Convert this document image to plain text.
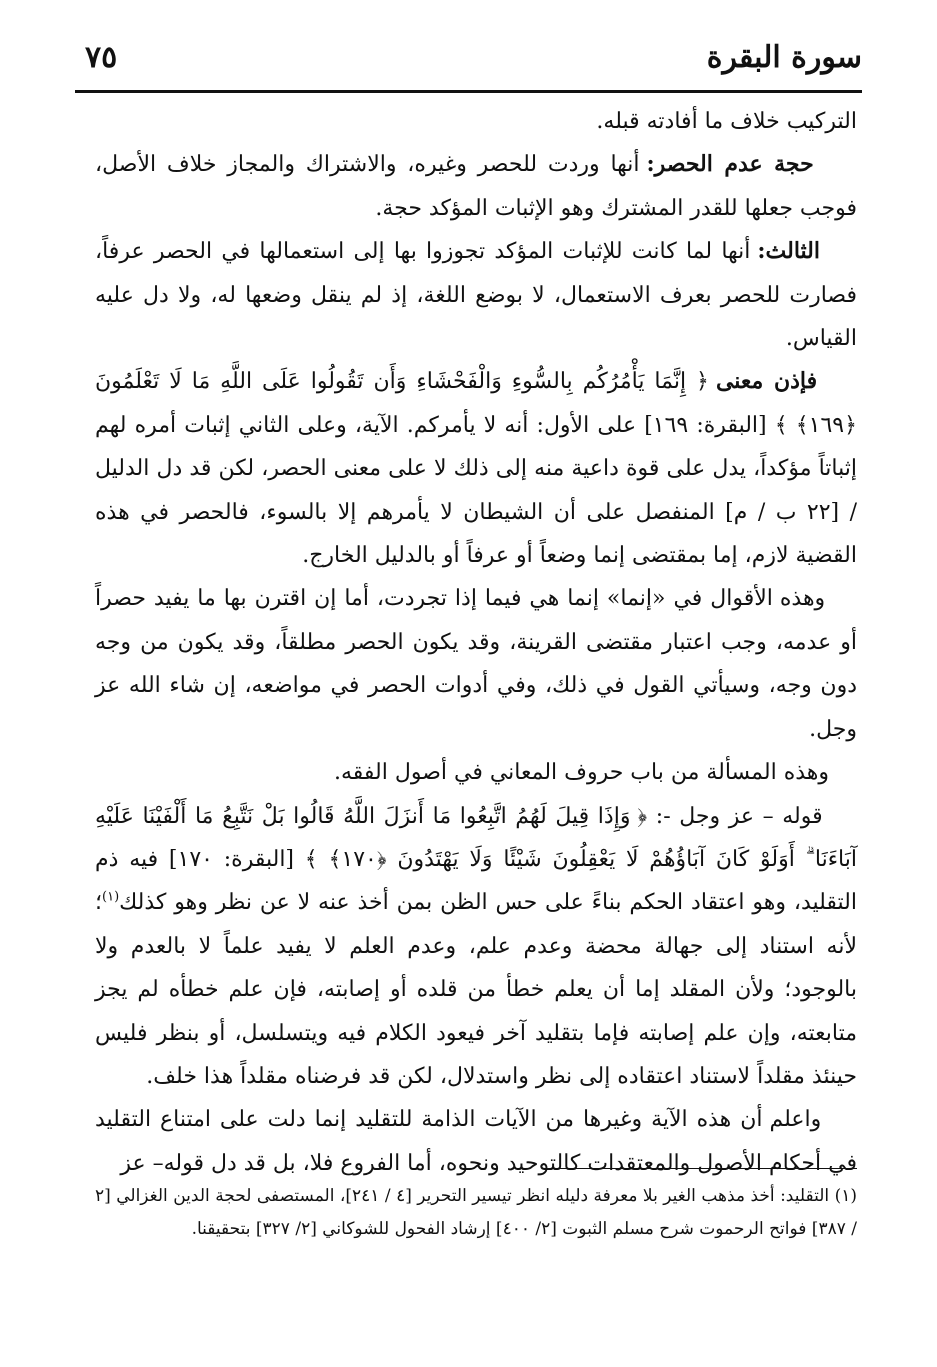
سورة البقرة
٧٥

التركيب خلاف ما أفادته قبله.

حجة عدم الحصر: أنها وردت للحصر وغيره، والاشتراك والمجاز خلاف الأصل، فوجب جعلها للقدر المشترك وهو الإثبات المؤكد حجة.

الثالث: أنها لما كانت للإثبات المؤكد تجوزوا بها إلى استعمالها في الحصر عرفاً، فصارت للحصر بعرف الاستعمال، لا بوضع اللغة، إذ لم ينقل وضعها له، ولا دل عليه القياس.

فإذن معنى ﴿ إِنَّمَا يَأْمُرُكُم بِالسُّوءِ وَالْفَحْشَاءِ وَأَن تَقُولُوا عَلَى اللَّهِ مَا لَا تَعْلَمُونَ ﴿١٦٩﴾ ﴾ [البقرة: ١٦٩] على الأول: أنه لا يأمركم. الآية، وعلى الثاني إثبات أمره لهم إثباتاً مؤكداً، يدل على قوة داعية منه إلى ذلك لا على معنى الحصر، لكن قد دل الدليل / [٢٢ ب / م] المنفصل على أن الشيطان لا يأمرهم إلا بالسوء، فالحصر في هذه القضية لازم، إما بمقتضى إنما وضعاً أو عرفاً أو بالدليل الخارج.

وهذه الأقوال في «إنما» إنما هي فيما إذا تجردت، أما إن اقترن بها ما يفيد حصراً أو عدمه، وجب اعتبار مقتضى القرينة، وقد يكون الحصر مطلقاً، وقد يكون من وجه دون وجه، وسيأتي القول في ذلك، وفي أدوات الحصر في مواضعه، إن شاء الله عز وجل.

وهذه المسألة من باب حروف المعاني في أصول الفقه.

قوله – عز وجل -: ﴿ وَإِذَا قِيلَ لَهُمُ اتَّبِعُوا مَا أَنزَلَ اللَّهُ قَالُوا بَلْ نَتَّبِعُ مَا أَلْفَيْنَا عَلَيْهِ آبَاءَنَا ۗ أَوَلَوْ كَانَ آبَاؤُهُمْ لَا يَعْقِلُونَ شَيْئًا وَلَا يَهْتَدُونَ ﴿١٧٠﴾ ﴾ [البقرة: ١٧٠] فيه ذم التقليد، وهو اعتقاد الحكم بناءً على حس الظن بمن أخذ عنه لا عن نظر وهو كذلك$^{(١)}$؛ لأنه استناد إلى جهالة محضة وعدم علم، وعدم العلم لا يفيد علماً لا بالعدم ولا بالوجود؛ ولأن المقلد إما أن يعلم خطأ من قلده أو إصابته، فإن علم خطأه لم يجز متابعته، وإن علم إصابته فإما بتقليد آخر فيعود الكلام فيه ويتسلسل، أو بنظر فليس حينئذ مقلداً لاستناد اعتقاده إلى نظر واستدلال، لكن قد فرضناه مقلداً هذا خلف.

واعلم أن هذه الآية وغيرها من الآيات الذامة للتقليد إنما دلت على امتناع التقليد في أحكام الأصول والمعتقدات كالتوحيد ونحوه، أما الفروع فلا، بل قد دل قوله– عز

(١) التقليد: أخذ مذهب الغير بلا معرفة دليله انظر تيسير التحرير [٤ / ٢٤١]، المستصفى لحجة الدين الغزالي [٢ / ٣٨٧] فواتح الرحموت شرح مسلم الثبوت [٢/ ٤٠٠] إرشاد الفحول للشوكاني [٢/ ٣٢٧] بتحقيقنا.
